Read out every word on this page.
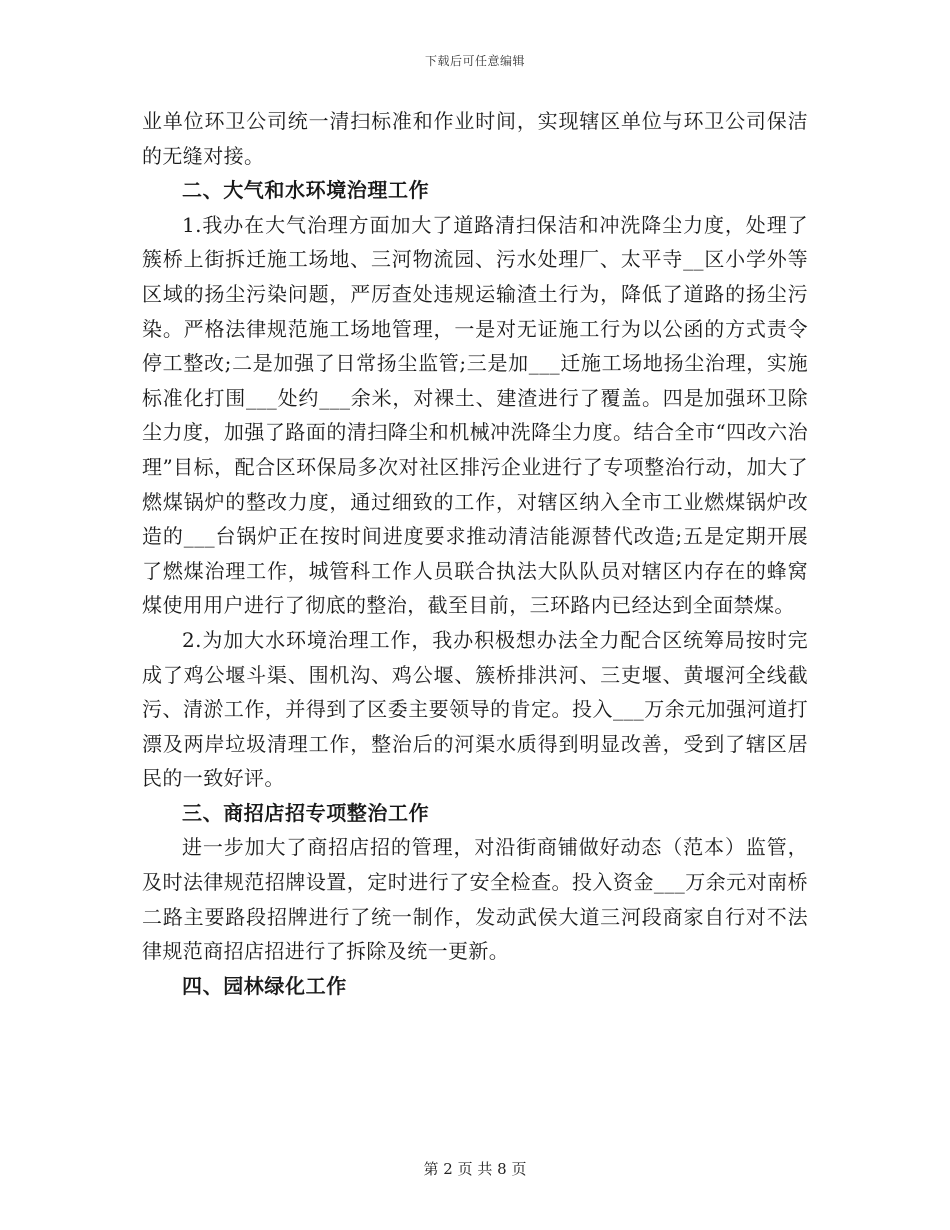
下载后可任意编辑

业单位环卫公司统一清扫标准和作业时间，实现辖区单位与环卫公司保洁的无缝对接。

二、大气和水环境治理工作

1.我办在大气治理方面加大了道路清扫保洁和冲洗降尘力度，处理了簇桥上街拆迁施工场地、三河物流园、污水处理厂、太平寺__区小学外等区域的扬尘污染问题，严厉查处违规运输渣土行为，降低了道路的扬尘污染。严格法律规范施工场地管理，一是对无证施工行为以公函的方式责令停工整改;二是加强了日常扬尘监管;三是加___迁施工场地扬尘治理，实施标准化打围___处约___余米，对裸土、建渣进行了覆盖。四是加强环卫除尘力度，加强了路面的清扫降尘和机械冲洗降尘力度。结合全市“四改六治理”目标，配合区环保局多次对社区排污企业进行了专项整治行动，加大了燃煤锅炉的整改力度，通过细致的工作，对辖区纳入全市工业燃煤锅炉改造的___台锅炉正在按时间进度要求推动清洁能源替代改造;五是定期开展了燃煤治理工作，城管科工作人员联合执法大队队员对辖区内存在的蜂窝煤使用用户进行了彻底的整治，截至目前，三环路内已经达到全面禁煤。

2.为加大水环境治理工作，我办积极想办法全力配合区统筹局按时完成了鸡公堰斗渠、围机沟、鸡公堰、簇桥排洪河、三吏堰、黄堰河全线截污、清淤工作，并得到了区委主要领导的肯定。投入___万余元加强河道打漂及两岸垃圾清理工作，整治后的河渠水质得到明显改善，受到了辖区居民的一致好评。

三、商招店招专项整治工作

进一步加大了商招店招的管理，对沿街商铺做好动态（范本）监管，及时法律规范招牌设置，定时进行了安全检查。投入资金___万余元对南桥二路主要路段招牌进行了统一制作，发动武侯大道三河段商家自行对不法律规范商招店招进行了拆除及统一更新。

四、园林绿化工作

第 2 页 共 8 页
